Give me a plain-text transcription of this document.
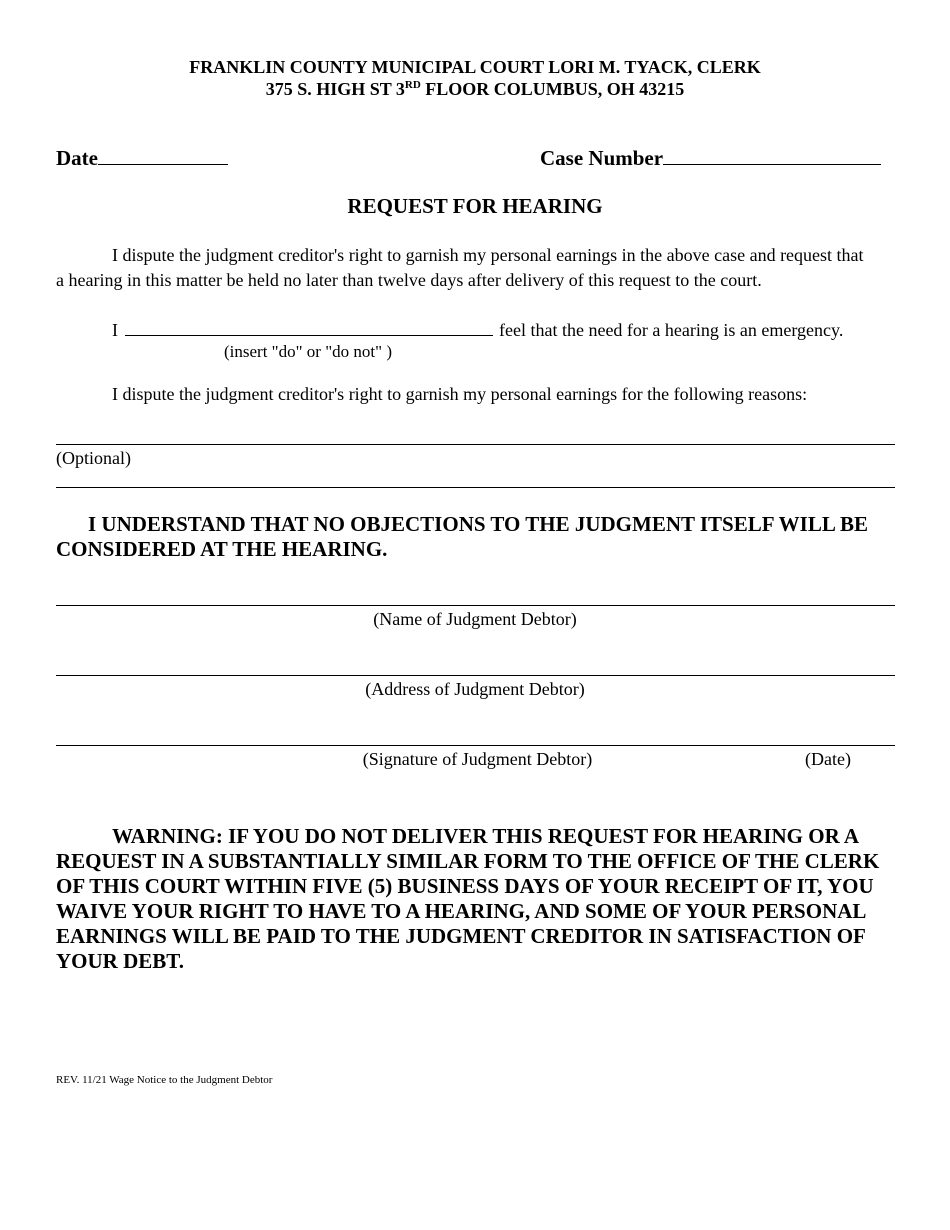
FRANKLIN COUNTY MUNICIPAL COURT LORI M. TYACK, CLERK
375 S. HIGH ST 3RD FLOOR COLUMBUS, OH 43215
Date	Case Number
REQUEST FOR HEARING
I dispute the judgment creditor's right to garnish my personal earnings in the above case and request that
a hearing in this matter be held no later than twelve days after delivery of this request to the court.
I	feel that the need for a hearing is an emergency.
(insert "do" or "do not" )
I dispute the judgment creditor's right to garnish my personal earnings for the following reasons:
(Optional)
I UNDERSTAND THAT NO OBJECTIONS TO THE JUDGMENT ITSELF WILL BE CONSIDERED AT THE HEARING.
(Name of Judgment Debtor)
(Address of Judgment Debtor)
(Signature of Judgment Debtor)	(Date)
WARNING: IF YOU DO NOT DELIVER THIS REQUEST FOR HEARING OR A REQUEST IN A SUBSTANTIALLY SIMILAR FORM TO THE OFFICE OF THE CLERK OF THIS COURT WITHIN FIVE (5) BUSINESS DAYS OF YOUR RECEIPT OF IT, YOU WAIVE YOUR RIGHT TO HAVE TO A HEARING, AND SOME OF YOUR PERSONAL EARNINGS WILL BE PAID TO THE JUDGMENT CREDITOR IN SATISFACTION OF YOUR DEBT.
REV. 11/21 Wage Notice to the Judgment Debtor
